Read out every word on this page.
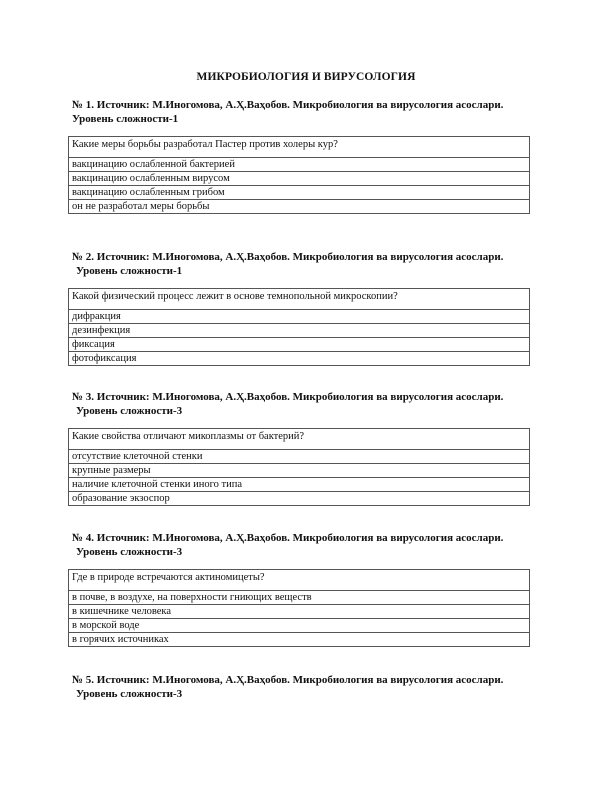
МИКРОБИОЛОГИЯ И ВИРУСОЛОГИЯ
№ 1. Источник: М.Иногомова, А.Ҳ.Ваҳобов. Микробиология ва вирусология асослари.
Уровень сложности-1
Какие меры борьбы разработал Пастер против холеры кур?
вакцинацию ослабленной бактерией
вакцинацию ослабленным вирусом
вакцинацию ослабленным грибом
он не разработал меры борьбы
№ 2. Источник: М.Иногомова, А.Ҳ.Ваҳобов. Микробиология ва вирусология асослари.
Уровень сложности-1
Какой физический процесс лежит в основе темнопольной микроскопии?
дифракция
дезинфекция
фиксация
фотофиксация
№ 3. Источник: М.Иногомова, А.Ҳ.Ваҳобов. Микробиология ва вирусология асослари.
Уровень сложности-3
Какие свойства отличают микоплазмы от бактерий?
отсутствие клеточной стенки
крупные размеры
наличие клеточной стенки иного типа
образование экзоспор
№ 4. Источник: М.Иногомова, А.Ҳ.Ваҳобов. Микробиология ва вирусология асослари.
Уровень сложности-3
Где в природе встречаются актиномицеты?
в почве, в воздухе, на поверхности гниющих веществ
в кишечнике человека
в морской воде
в горячих источниках
№ 5. Источник: М.Иногомова, А.Ҳ.Ваҳобов. Микробиология ва вирусология асослари.
Уровень сложности-3
